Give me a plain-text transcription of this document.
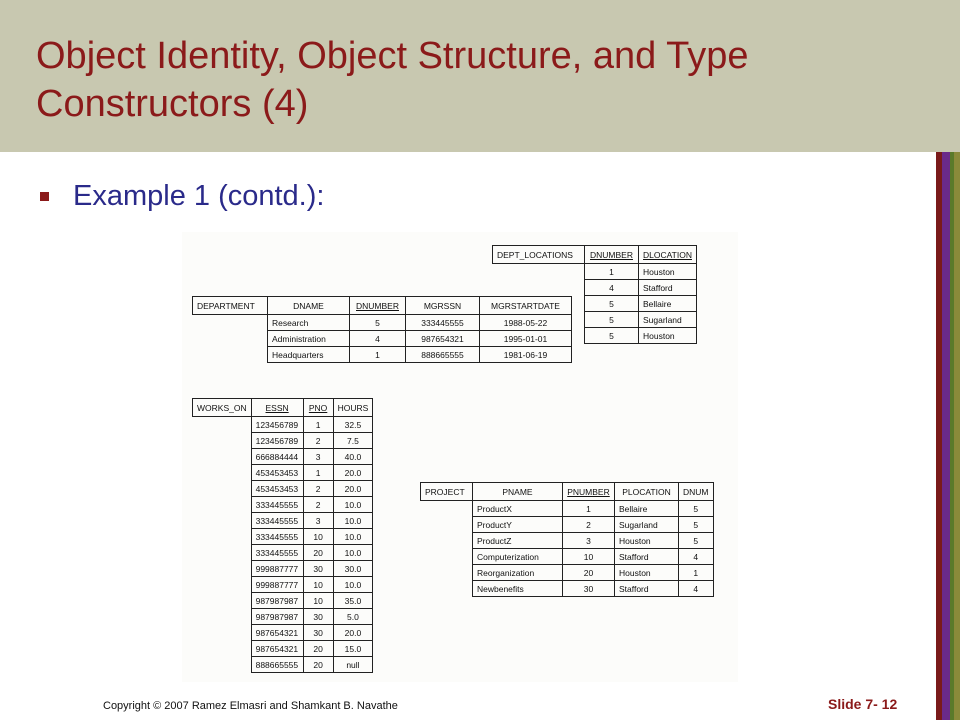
Object Identity, Object Structure, and Type Constructors (4)
Example 1 (contd.):
DEPT_LOCATIONS	DNUMBER	DLOCATION
	1	Houston
	4	Stafford
	5	Bellaire
	5	Sugarland
	5	Houston
DEPARTMENT	DNAME	DNUMBER	MGRSSN	MGRSTARTDATE
	Research	5	333445555	1988-05-22
	Administration	4	987654321	1995-01-01
	Headquarters	1	888665555	1981-06-19
WORKS_ON	ESSN	PNO	HOURS
	123456789	1	32.5
	123456789	2	7.5
	666884444	3	40.0
	453453453	1	20.0
	453453453	2	20.0
	333445555	2	10.0
	333445555	3	10.0
	333445555	10	10.0
	333445555	20	10.0
	999887777	30	30.0
	999887777	10	10.0
	987987987	10	35.0
	987987987	30	5.0
	987654321	30	20.0
	987654321	20	15.0
	888665555	20	null
PROJECT	PNAME	PNUMBER	PLOCATION	DNUM
	ProductX	1	Bellaire	5
	ProductY	2	Sugarland	5
	ProductZ	3	Houston	5
	Computerization	10	Stafford	4
	Reorganization	20	Houston	1
	Newbenefits	30	Stafford	4
Copyright © 2007 Ramez Elmasri and Shamkant B. Navathe	Slide 7- 12
